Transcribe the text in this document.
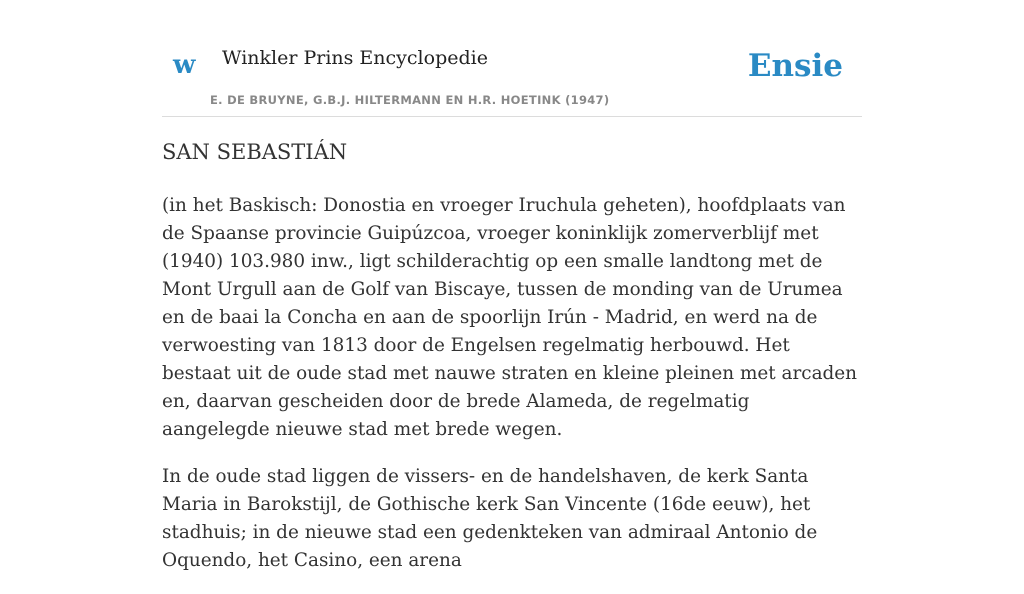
w Winkler Prins Encyclopedie
E. DE BRUYNE, G.B.J. HILTERMANN EN H.R. HOETINK (1947)
Ensie
SAN SEBASTIÁN

(in het Baskisch: Donostia en vroeger Iruchula geheten), hoofdplaats van de Spaanse provincie Guipúzcoa, vroeger koninklijk zomerverblijf met (1940) 103.980 inw., ligt schilderachtig op een smalle landtong met de Mont Urgull aan de Golf van Biscaye, tussen de monding van de Urumea en de baai la Concha en aan de spoorlijn Irún - Madrid, en werd na de verwoesting van 1813 door de Engelsen regelmatig herbouwd. Het bestaat uit de oude stad met nauwe straten en kleine pleinen met arcaden en, daarvan gescheiden door de brede Alameda, de regelmatig aangelegde nieuwe stad met brede wegen.

In de oude stad liggen de vissers- en de handelshaven, de kerk Santa Maria in Barokstijl, de Gothische kerk San Vincente (16de eeuw), het stadhuis; in de nieuwe stad een gedenkteken van admiraal Antonio de Oquendo, het Casino, een arena
